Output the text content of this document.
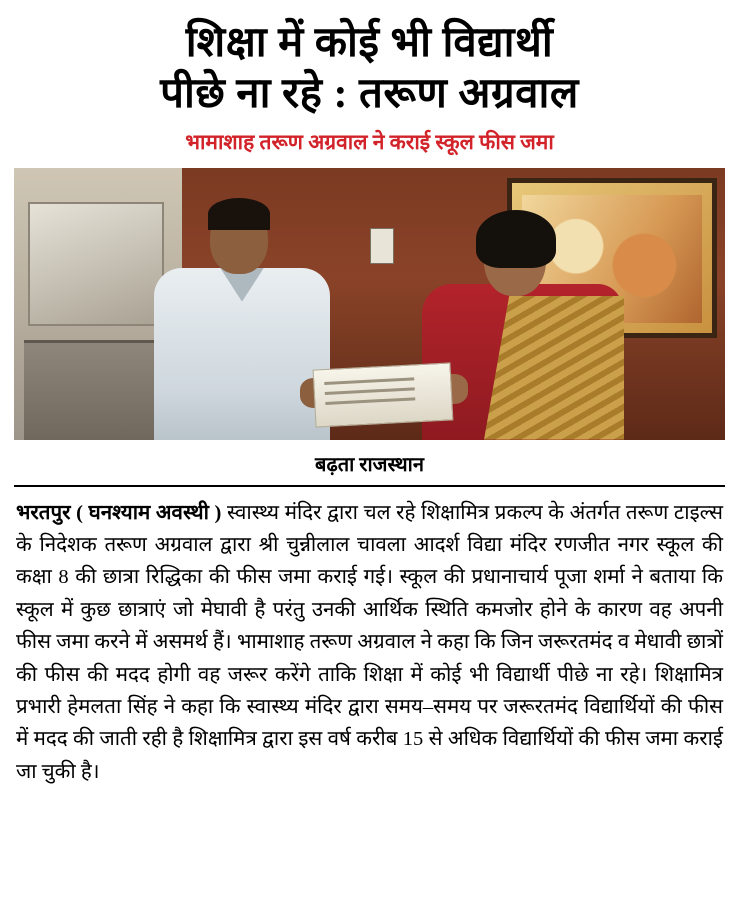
शिक्षा में कोई भी विद्यार्थी
पीछे ना रहे : तरूण अग्रवाल
भामाशाह तरूण अग्रवाल ने कराई स्कूल फीस जमा
बढ़ता राजस्थान
भरतपुर ( घनश्याम अवस्थी ) स्वास्थ्य मंदिर द्वारा चल रहे शिक्षामित्र प्रकल्प के अंतर्गत तरूण टाइल्स के निदेशक तरूण अग्रवाल द्वारा श्री चुन्नीलाल चावला आदर्श विद्या मंदिर रणजीत नगर स्कूल की कक्षा 8 की छात्रा रिद्धिका की फीस जमा कराई गई। स्कूल की प्रधानाचार्य पूजा शर्मा ने बताया कि स्कूल में कुछ छात्राएं जो मेघावी है परंतु उनकी आर्थिक स्थिति कमजोर होने के कारण वह अपनी फीस जमा करने में असमर्थ हैं। भामाशाह तरूण अग्रवाल ने कहा कि जिन जरूरतमंद व मेधावी छात्रों की फीस की मदद होगी वह जरूर करेंगे ताकि शिक्षा में कोई भी विद्यार्थी पीछे ना रहे। शिक्षामित्र प्रभारी हेमलता सिंह ने कहा कि स्वास्थ्य मंदिर द्वारा समय–समय पर जरूरतमंद विद्यार्थियों की फीस में मदद की जाती रही है शिक्षामित्र द्वारा इस वर्ष करीब 15 से अधिक विद्यार्थियों की फीस जमा कराई जा चुकी है।
